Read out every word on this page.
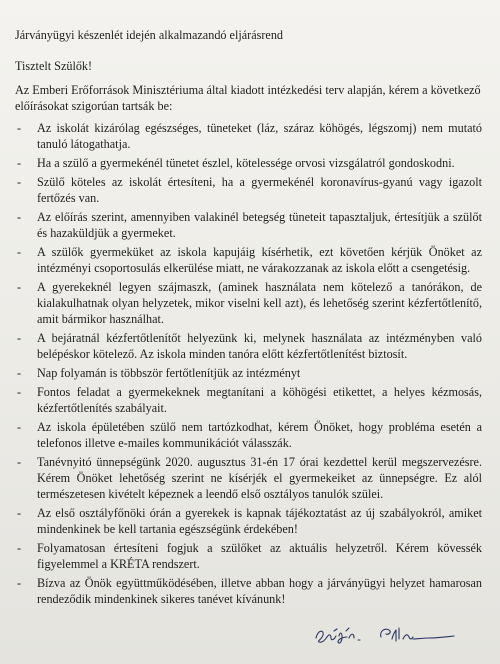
Járványügyi készenlét idején alkalmazandó eljárásrend

Tisztelt Szülők!

Az Emberi Erőforrások Minisztériuma által kiadott intézkedési terv alapján, kérem a következő előírásokat szigorúan tartsák be:

- Az iskolát kizárólag egészséges, tüneteket (láz, száraz köhögés, légszomj) nem mutató tanuló látogathatja.
- Ha a szülő a gyermekénél tünetet észlel, kötelessége orvosi vizsgálatról gondoskodni.
- Szülő köteles az iskolát értesíteni, ha a gyermekénél koronavírus-gyanú vagy igazolt fertőzés van.
- Az előírás szerint, amennyiben valakinél betegség tüneteit tapasztaljuk, értesítjük a szülőt és hazaküldjük a gyermeket.
- A szülők gyermeküket az iskola kapujáig kísérhetik, ezt követően kérjük Önöket az intézményi csoportosulás elkerülése miatt, ne várakozzanak az iskola előtt a csengetésig.
- A gyerekeknél legyen szájmaszk, (aminek használata nem kötelező a tanórákon, de kialakulhatnak olyan helyzetek, mikor viselni kell azt), és lehetőség szerint kézfertőtlenítő, amit bármikor használhat.
- A bejáratnál kézfertőtlenítőt helyezünk ki, melynek használata az intézményben való belépéskor kötelező. Az iskola minden tanóra előtt kézfertőtlenítést biztosít.
- Nap folyamán is többször fertőtlenítjük az intézményt
- Fontos feladat a gyermekeknek megtanítani a köhögési etikettet, a helyes kézmosás, kézfertőtlenítés szabályait.
- Az iskola épületében szülő nem tartózkodhat, kérem Önöket, hogy probléma esetén a telefonos illetve e-mailes kommunikációt válasszák.
- Tanévnyitó ünnepségünk 2020. augusztus 31-én 17 órai kezdettel kerül megszervezésre. Kérem Önöket lehetőség szerint ne kísérjék el gyermekeiket az ünnepségre. Ez alól természetesen kivételt képeznek a leendő első osztályos tanulók szülei.
- Az első osztályfőnöki órán a gyerekek is kapnak tájékoztatást az új szabályokról, amiket mindenkinek be kell tartania egészségünk érdekében!
- Folyamatosan értesíteni fogjuk a szülőket az aktuális helyzetről. Kérem kövessék figyelemmel a KRÉTA rendszert.
- Bízva az Önök együttműködésében, illetve abban hogy a járványügyi helyzet hamarosan rendeződik mindenkinek sikeres tanévet kívánunk!
